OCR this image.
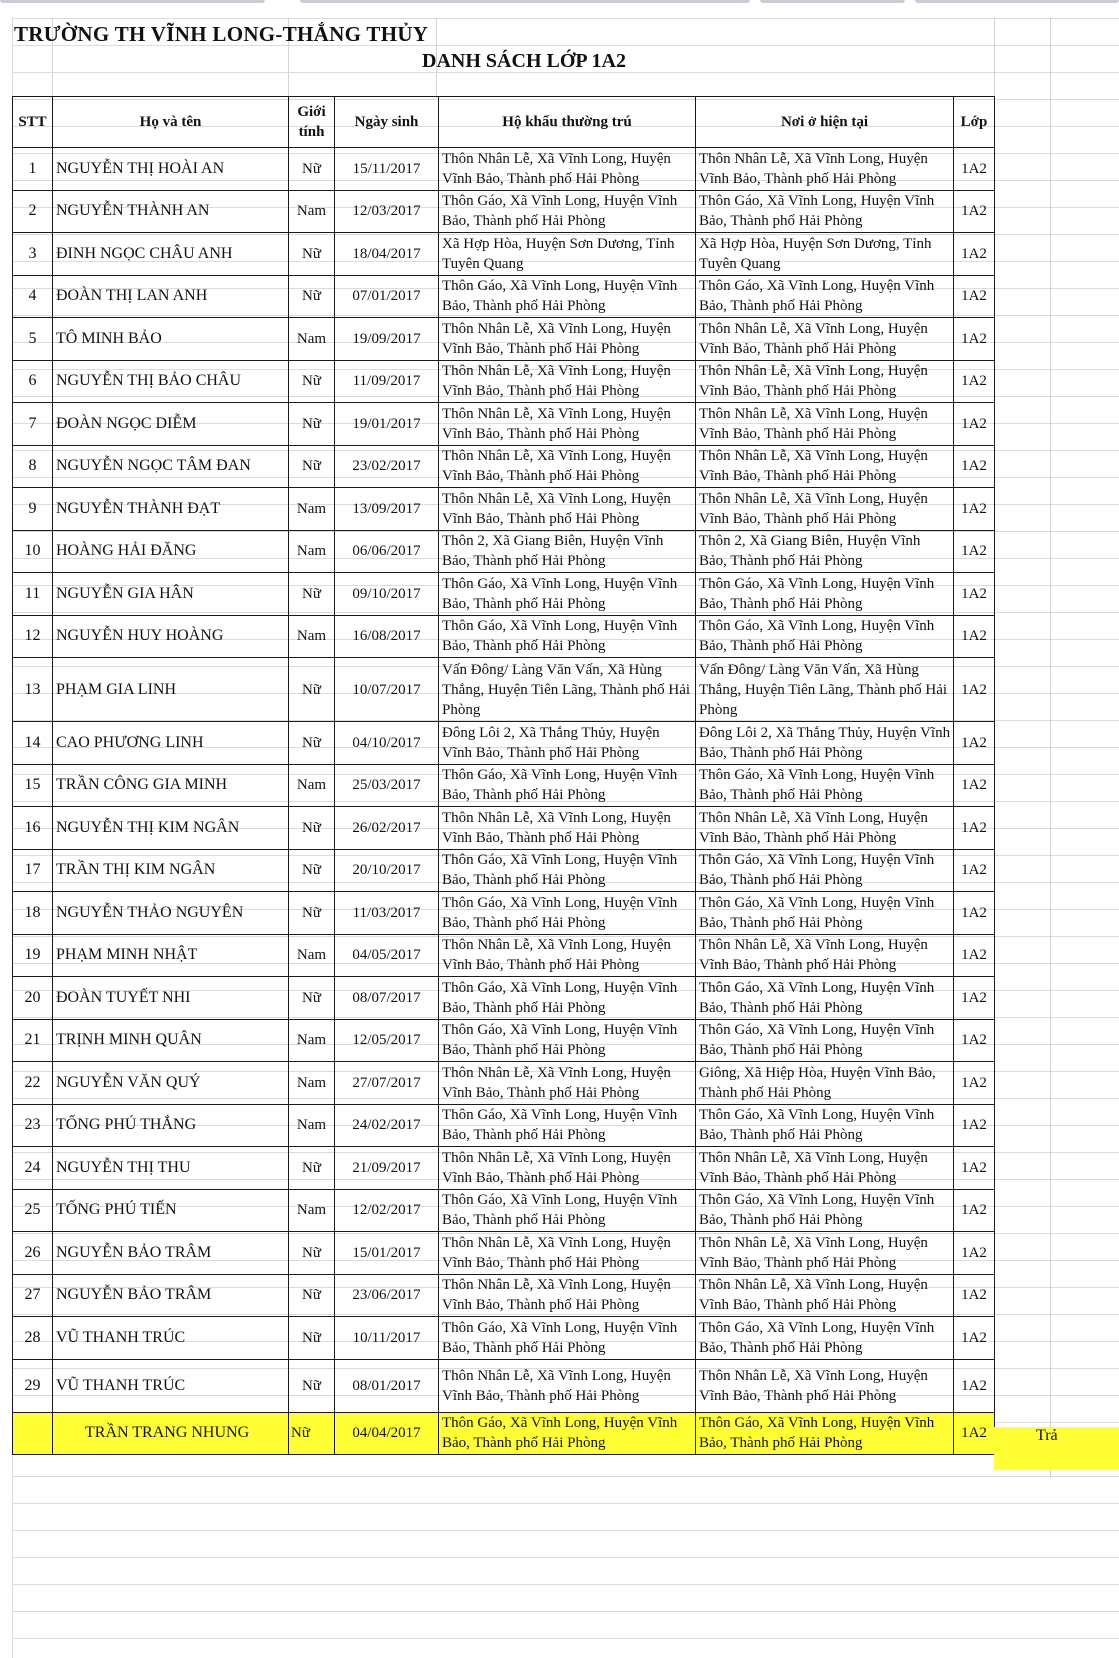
TRƯỜNG TH VĨNH LONG-THẮNG THỦY
DANH SÁCH LỚP 1A2
STT	Họ và tên	Giới tính	Ngày sinh	Hộ khẩu thường trú	Nơi ở hiện tại	Lớp
1	NGUYỄN THỊ HOÀI AN	Nữ	15/11/2017	Thôn Nhân Lễ, Xã Vĩnh Long, Huyện Vĩnh Bảo, Thành phố Hải Phòng	Thôn Nhân Lễ, Xã Vĩnh Long, Huyện Vĩnh Bảo, Thành phố Hải Phòng	1A2
2	NGUYỄN THÀNH AN	Nam	12/03/2017	Thôn Gáo, Xã Vĩnh Long, Huyện Vĩnh Bảo, Thành phố Hải Phòng	Thôn Gáo, Xã Vĩnh Long, Huyện Vĩnh Bảo, Thành phố Hải Phòng	1A2
3	ĐINH NGỌC CHÂU ANH	Nữ	18/04/2017	Xã Hợp Hòa, Huyện Sơn Dương, Tỉnh Tuyên Quang	Xã Hợp Hòa, Huyện Sơn Dương, Tỉnh Tuyên Quang	1A2
4	ĐOÀN THỊ LAN ANH	Nữ	07/01/2017	Thôn Gáo, Xã Vĩnh Long, Huyện Vĩnh Bảo, Thành phố Hải Phòng	Thôn Gáo, Xã Vĩnh Long, Huyện Vĩnh Bảo, Thành phố Hải Phòng	1A2
5	TÔ MINH BẢO	Nam	19/09/2017	Thôn Nhân Lễ, Xã Vĩnh Long, Huyện Vĩnh Bảo, Thành phố Hải Phòng	Thôn Nhân Lễ, Xã Vĩnh Long, Huyện Vĩnh Bảo, Thành phố Hải Phòng	1A2
6	NGUYỄN THỊ BẢO CHÂU	Nữ	11/09/2017	Thôn Nhân Lễ, Xã Vĩnh Long, Huyện Vĩnh Bảo, Thành phố Hải Phòng	Thôn Nhân Lễ, Xã Vĩnh Long, Huyện Vĩnh Bảo, Thành phố Hải Phòng	1A2
7	ĐOÀN NGỌC DIỄM	Nữ	19/01/2017	Thôn Nhân Lễ, Xã Vĩnh Long, Huyện Vĩnh Bảo, Thành phố Hải Phòng	Thôn Nhân Lễ, Xã Vĩnh Long, Huyện Vĩnh Bảo, Thành phố Hải Phòng	1A2
8	NGUYỄN NGỌC TÂM ĐAN	Nữ	23/02/2017	Thôn Nhân Lễ, Xã Vĩnh Long, Huyện Vĩnh Bảo, Thành phố Hải Phòng	Thôn Nhân Lễ, Xã Vĩnh Long, Huyện Vĩnh Bảo, Thành phố Hải Phòng	1A2
9	NGUYỄN THÀNH ĐẠT	Nam	13/09/2017	Thôn Nhân Lễ, Xã Vĩnh Long, Huyện Vĩnh Bảo, Thành phố Hải Phòng	Thôn Nhân Lễ, Xã Vĩnh Long, Huyện Vĩnh Bảo, Thành phố Hải Phòng	1A2
10	HOÀNG HẢI ĐĂNG	Nam	06/06/2017	Thôn 2, Xã Giang Biên, Huyện Vĩnh Bảo, Thành phố Hải Phòng	Thôn 2, Xã Giang Biên, Huyện Vĩnh Bảo, Thành phố Hải Phòng	1A2
11	NGUYỄN GIA HÂN	Nữ	09/10/2017	Thôn Gáo, Xã Vĩnh Long, Huyện Vĩnh Bảo, Thành phố Hải Phòng	Thôn Gáo, Xã Vĩnh Long, Huyện Vĩnh Bảo, Thành phố Hải Phòng	1A2
12	NGUYỄN HUY HOÀNG	Nam	16/08/2017	Thôn Gáo, Xã Vĩnh Long, Huyện Vĩnh Bảo, Thành phố Hải Phòng	Thôn Gáo, Xã Vĩnh Long, Huyện Vĩnh Bảo, Thành phố Hải Phòng	1A2
13	PHẠM GIA LINH	Nữ	10/07/2017	Vấn Đông/ Làng Văn Vấn, Xã Hùng Thắng, Huyện Tiên Lãng, Thành phố Hải Phòng	Vấn Đông/ Làng Văn Vấn, Xã Hùng Thắng, Huyện Tiên Lãng, Thành phố Hải Phòng	1A2
14	CAO PHƯƠNG LINH	Nữ	04/10/2017	Đông Lôi 2, Xã Thắng Thủy, Huyện Vĩnh Bảo, Thành phố Hải Phòng	Đông Lôi 2, Xã Thắng Thủy, Huyện Vĩnh Bảo, Thành phố Hải Phòng	1A2
15	TRẦN CÔNG GIA MINH	Nam	25/03/2017	Thôn Gáo, Xã Vĩnh Long, Huyện Vĩnh Bảo, Thành phố Hải Phòng	Thôn Gáo, Xã Vĩnh Long, Huyện Vĩnh Bảo, Thành phố Hải Phòng	1A2
16	NGUYỄN THỊ KIM NGÂN	Nữ	26/02/2017	Thôn Nhân Lễ, Xã Vĩnh Long, Huyện Vĩnh Bảo, Thành phố Hải Phòng	Thôn Nhân Lễ, Xã Vĩnh Long, Huyện Vĩnh Bảo, Thành phố Hải Phòng	1A2
17	TRẦN THỊ KIM NGÂN	Nữ	20/10/2017	Thôn Gáo, Xã Vĩnh Long, Huyện Vĩnh Bảo, Thành phố Hải Phòng	Thôn Gáo, Xã Vĩnh Long, Huyện Vĩnh Bảo, Thành phố Hải Phòng	1A2
18	NGUYỄN THẢO NGUYÊN	Nữ	11/03/2017	Thôn Gáo, Xã Vĩnh Long, Huyện Vĩnh Bảo, Thành phố Hải Phòng	Thôn Gáo, Xã Vĩnh Long, Huyện Vĩnh Bảo, Thành phố Hải Phòng	1A2
19	PHẠM MINH NHẬT	Nam	04/05/2017	Thôn Nhân Lễ, Xã Vĩnh Long, Huyện Vĩnh Bảo, Thành phố Hải Phòng	Thôn Nhân Lễ, Xã Vĩnh Long, Huyện Vĩnh Bảo, Thành phố Hải Phòng	1A2
20	ĐOÀN TUYẾT NHI	Nữ	08/07/2017	Thôn Gáo, Xã Vĩnh Long, Huyện Vĩnh Bảo, Thành phố Hải Phòng	Thôn Gáo, Xã Vĩnh Long, Huyện Vĩnh Bảo, Thành phố Hải Phòng	1A2
21	TRỊNH MINH QUÂN	Nam	12/05/2017	Thôn Gáo, Xã Vĩnh Long, Huyện Vĩnh Bảo, Thành phố Hải Phòng	Thôn Gáo, Xã Vĩnh Long, Huyện Vĩnh Bảo, Thành phố Hải Phòng	1A2
22	NGUYỄN VĂN QUÝ	Nam	27/07/2017	Thôn Nhân Lễ, Xã Vĩnh Long, Huyện Vĩnh Bảo, Thành phố Hải Phòng	Giông, Xã Hiệp Hòa, Huyện Vĩnh Bảo, Thành phố Hải Phòng	1A2
23	TỐNG PHÚ THẮNG	Nam	24/02/2017	Thôn Gáo, Xã Vĩnh Long, Huyện Vĩnh Bảo, Thành phố Hải Phòng	Thôn Gáo, Xã Vĩnh Long, Huyện Vĩnh Bảo, Thành phố Hải Phòng	1A2
24	NGUYỄN THỊ THU	Nữ	21/09/2017	Thôn Nhân Lễ, Xã Vĩnh Long, Huyện Vĩnh Bảo, Thành phố Hải Phòng	Thôn Nhân Lễ, Xã Vĩnh Long, Huyện Vĩnh Bảo, Thành phố Hải Phòng	1A2
25	TỐNG PHÚ TIẾN	Nam	12/02/2017	Thôn Gáo, Xã Vĩnh Long, Huyện Vĩnh Bảo, Thành phố Hải Phòng	Thôn Gáo, Xã Vĩnh Long, Huyện Vĩnh Bảo, Thành phố Hải Phòng	1A2
26	NGUYỄN BẢO TRÂM	Nữ	15/01/2017	Thôn Nhân Lễ, Xã Vĩnh Long, Huyện Vĩnh Bảo, Thành phố Hải Phòng	Thôn Nhân Lễ, Xã Vĩnh Long, Huyện Vĩnh Bảo, Thành phố Hải Phòng	1A2
27	NGUYỄN BẢO TRÂM	Nữ	23/06/2017	Thôn Nhân Lễ, Xã Vĩnh Long, Huyện Vĩnh Bảo, Thành phố Hải Phòng	Thôn Nhân Lễ, Xã Vĩnh Long, Huyện Vĩnh Bảo, Thành phố Hải Phòng	1A2
28	VŨ THANH TRÚC	Nữ	10/11/2017	Thôn Gáo, Xã Vĩnh Long, Huyện Vĩnh Bảo, Thành phố Hải Phòng	Thôn Gáo, Xã Vĩnh Long, Huyện Vĩnh Bảo, Thành phố Hải Phòng	1A2
29	VŨ THANH TRÚC	Nữ	08/01/2017	Thôn Nhân Lễ, Xã Vĩnh Long, Huyện Vĩnh Bảo, Thành phố Hải Phòng	Thôn Nhân Lễ, Xã Vĩnh Long, Huyện Vĩnh Bảo, Thành phố Hải Phòng	1A2
	TRẦN TRANG NHUNG	Nữ	04/04/2017	Thôn Gáo, Xã Vĩnh Long, Huyện Vĩnh Bảo, Thành phố Hải Phòng	Thôn Gáo, Xã Vĩnh Long, Huyện Vĩnh Bảo, Thành phố Hải Phòng	1A2	Trả
